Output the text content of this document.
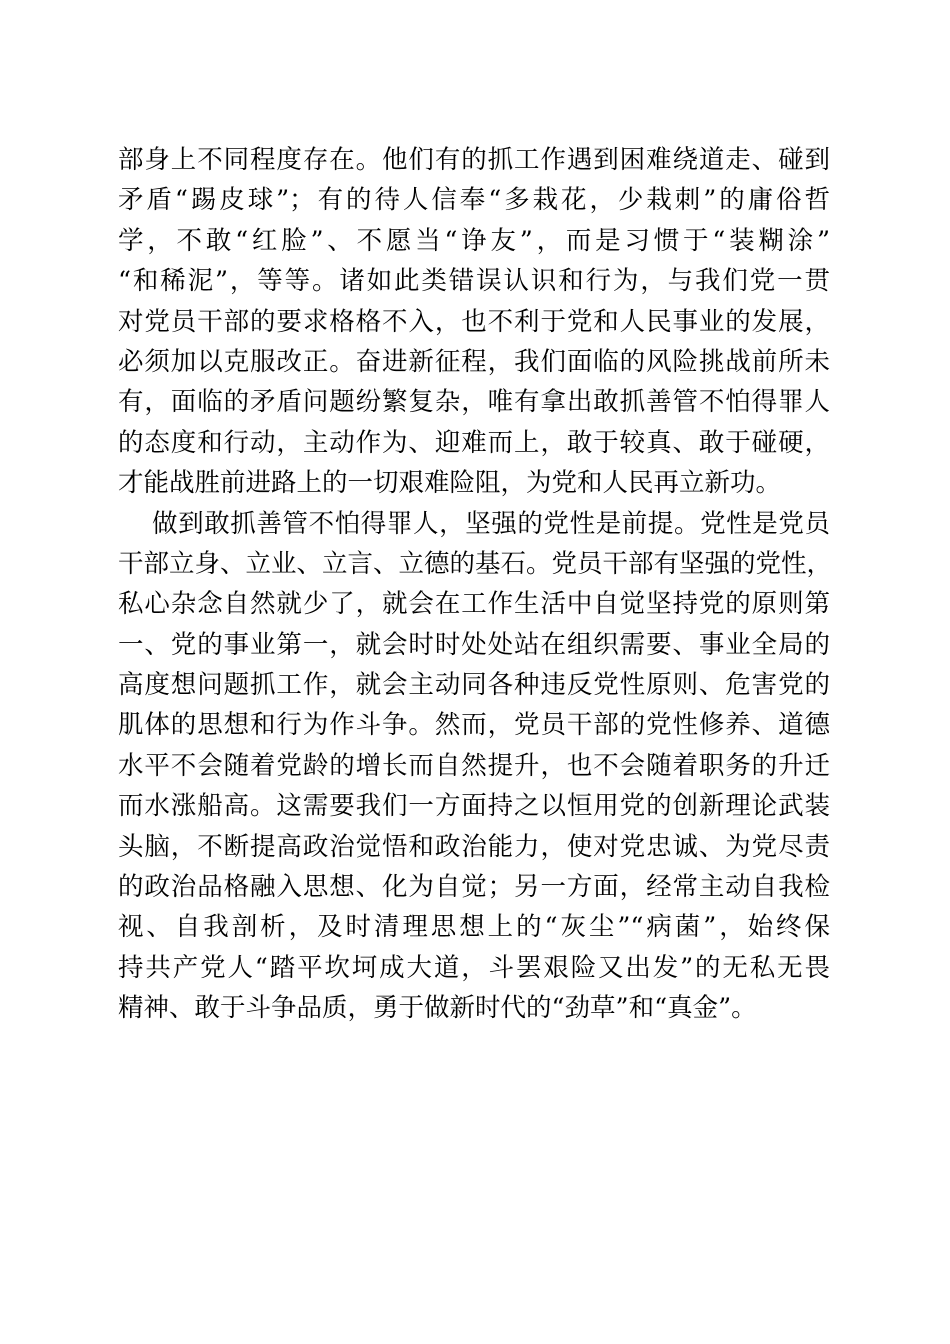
部身上不同程度存在。他们有的抓工作遇到困难绕道走、碰到
矛盾“踢皮球”；有的待人信奉“多栽花，少栽刺”的庸俗哲
学，不敢“红脸”、不愿当“诤友”，而是习惯于“装糊涂”
“和稀泥”，等等。诸如此类错误认识和行为，与我们党一贯
对党员干部的要求格格不入，也不利于党和人民事业的发展，
必须加以克服改正。奋进新征程，我们面临的风险挑战前所未
有，面临的矛盾问题纷繁复杂，唯有拿出敢抓善管不怕得罪人
的态度和行动，主动作为、迎难而上，敢于较真、敢于碰硬，
才能战胜前进路上的一切艰难险阻，为党和人民再立新功。
做到敢抓善管不怕得罪人，坚强的党性是前提。党性是党员
干部立身、立业、立言、立德的基石。党员干部有坚强的党性，
私心杂念自然就少了，就会在工作生活中自觉坚持党的原则第
一、党的事业第一，就会时时处处站在组织需要、事业全局的
高度想问题抓工作，就会主动同各种违反党性原则、危害党的
肌体的思想和行为作斗争。然而，党员干部的党性修养、道德
水平不会随着党龄的增长而自然提升，也不会随着职务的升迁
而水涨船高。这需要我们一方面持之以恒用党的创新理论武装
头脑，不断提高政治觉悟和政治能力，使对党忠诚、为党尽责
的政治品格融入思想、化为自觉；另一方面，经常主动自我检
视、自我剖析，及时清理思想上的“灰尘”“病菌”，始终保
持共产党人“踏平坎坷成大道，斗罢艰险又出发”的无私无畏
精神、敢于斗争品质，勇于做新时代的“劲草”和“真金”。
